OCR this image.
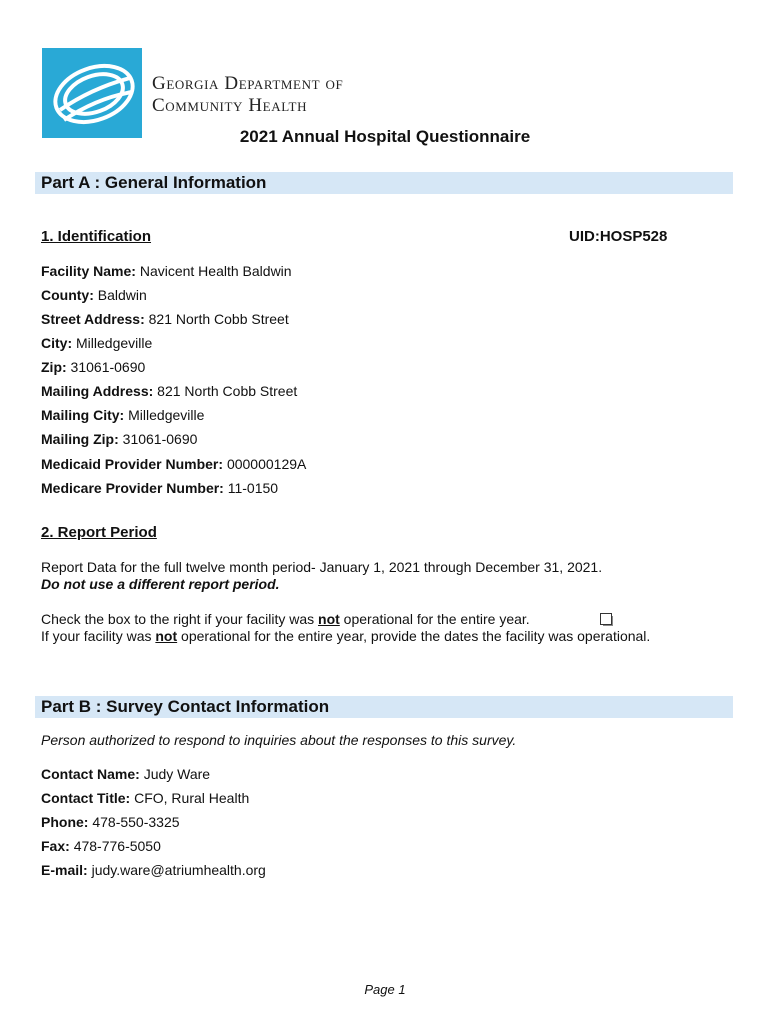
Georgia Department of
Community Health
2021 Annual Hospital Questionnaire
Part A : General Information
1. Identification	UID:HOSP528
Facility Name: Navicent Health Baldwin
County: Baldwin
Street Address: 821 North Cobb Street
City: Milledgeville
Zip: 31061-0690
Mailing Address: 821 North Cobb Street
Mailing City: Milledgeville
Mailing Zip: 31061-0690
Medicaid Provider Number: 000000129A
Medicare Provider Number: 11-0150
2. Report Period
Report Data for the full twelve month period- January 1, 2021 through December 31, 2021.
Do not use a different report period.
Check the box to the right if your facility was not operational for the entire year.
If your facility was not operational for the entire year, provide the dates the facility was operational.
Part B : Survey Contact Information
Person authorized to respond to inquiries about the responses to this survey.
Contact Name: Judy Ware
Contact Title: CFO, Rural Health
Phone: 478-550-3325
Fax: 478-776-5050
E-mail: judy.ware@atriumhealth.org
Page 1
